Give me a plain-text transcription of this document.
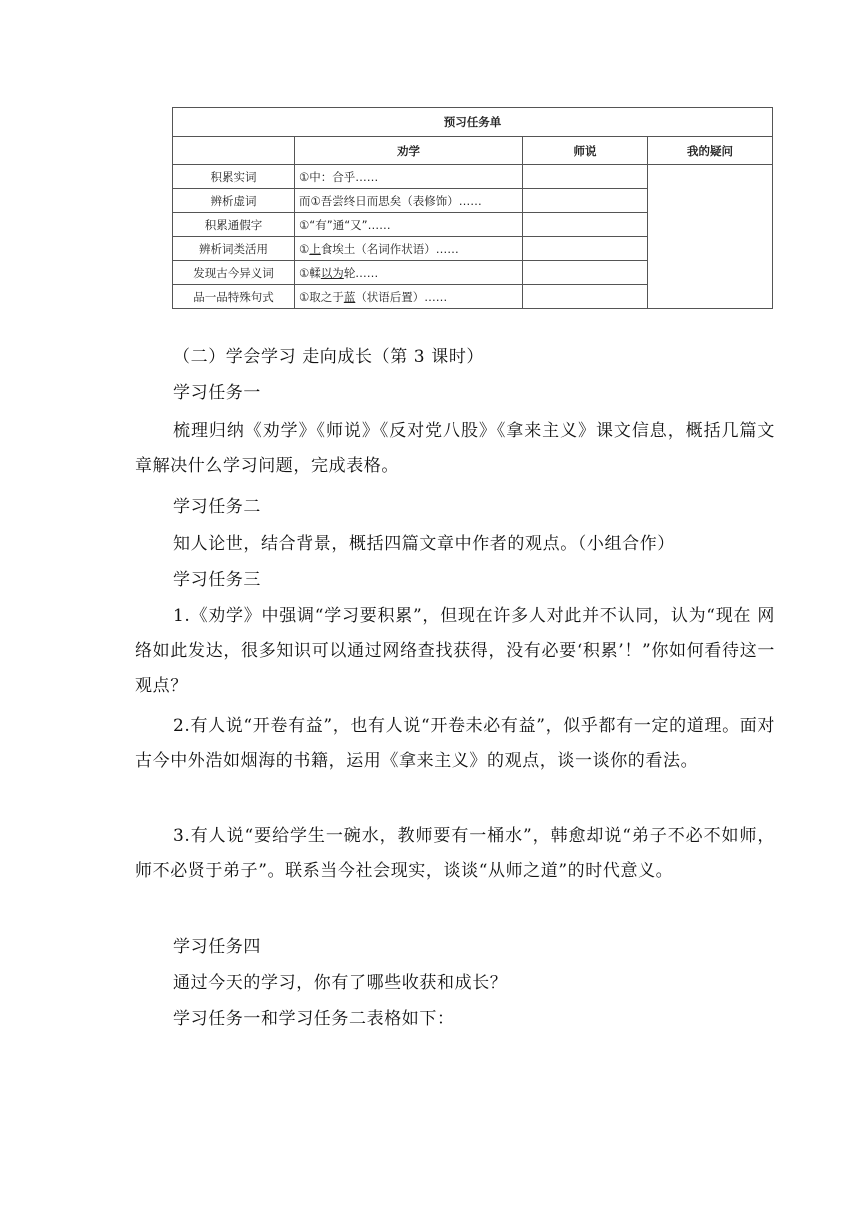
预习任务单			
	劝学	师说	我的疑问
积累实词	①中：合乎……		
辨析虚词	而①吾尝终日而思矣（表修饰）……		
积累通假字	①“有”通“又”……		
辨析词类活用	①上食埃土（名词作状语）……		
发现古今异义词	①輮以为轮……		
品一品特殊句式	①取之于蓝（状语后置）……		

（二）学会学习 走向成长（第 3 课时）

学习任务一

梳理归纳《劝学》《师说》《反对党八股》《拿来主义》课文信息，概括几篇文章解决什么学习问题，完成表格。

学习任务二

知人论世，结合背景，概括四篇文章中作者的观点。（小组合作）

学习任务三

1.《劝学》中强调“学习要积累”，但现在许多人对此并不认同，认为“现在 网络如此发达，很多知识可以通过网络查找获得，没有必要‘积累’！”你如何看待这一观点？

2.有人说“开卷有益”，也有人说“开卷未必有益”，似乎都有一定的道理。面对古今中外浩如烟海的书籍，运用《拿来主义》的观点，谈一谈你的看法。

3.有人说“要给学生一碗水，教师要有一桶水”，韩愈却说“弟子不必不如师，师不必贤于弟子”。联系当今社会现实，谈谈“从师之道”的时代意义。

学习任务四

通过今天的学习，你有了哪些收获和成长？

学习任务一和学习任务二表格如下：
